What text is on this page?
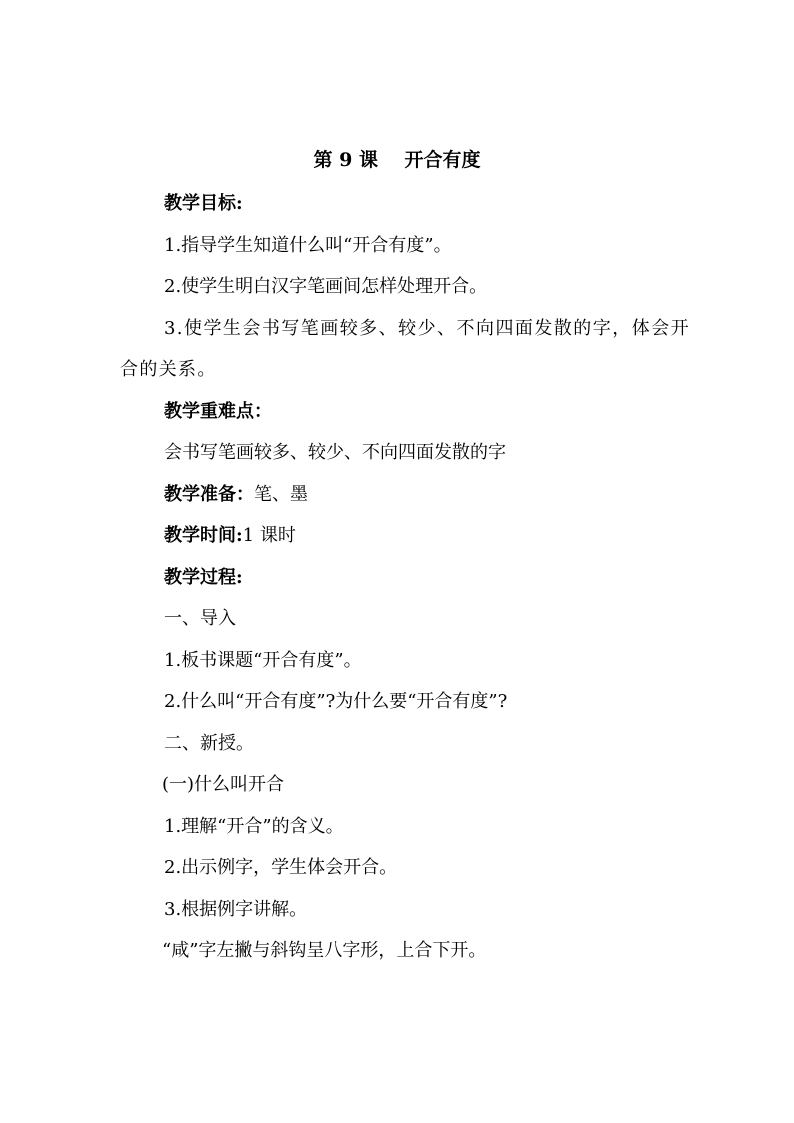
第 9 课    开合有度

教学目标:

1.指导学生知道什么叫“开合有度”。

2.使学生明白汉字笔画间怎样处理开合。

3.使学生会书写笔画较多、较少、不向四面发散的字，体会开合的关系。

教学重难点：

会书写笔画较多、较少、不向四面发散的字

教学准备：笔、墨

教学时间:1 课时

教学过程:

一、导入

1.板书课题“开合有度”。

2.什么叫“开合有度”?为什么要“开合有度”?

二、新授。

(一)什么叫开合

1.理解“开合”的含义。

2.出示例字，学生体会开合。

3.根据例字讲解。

“咸”字左撇与斜钩呈八字形，上合下开。
